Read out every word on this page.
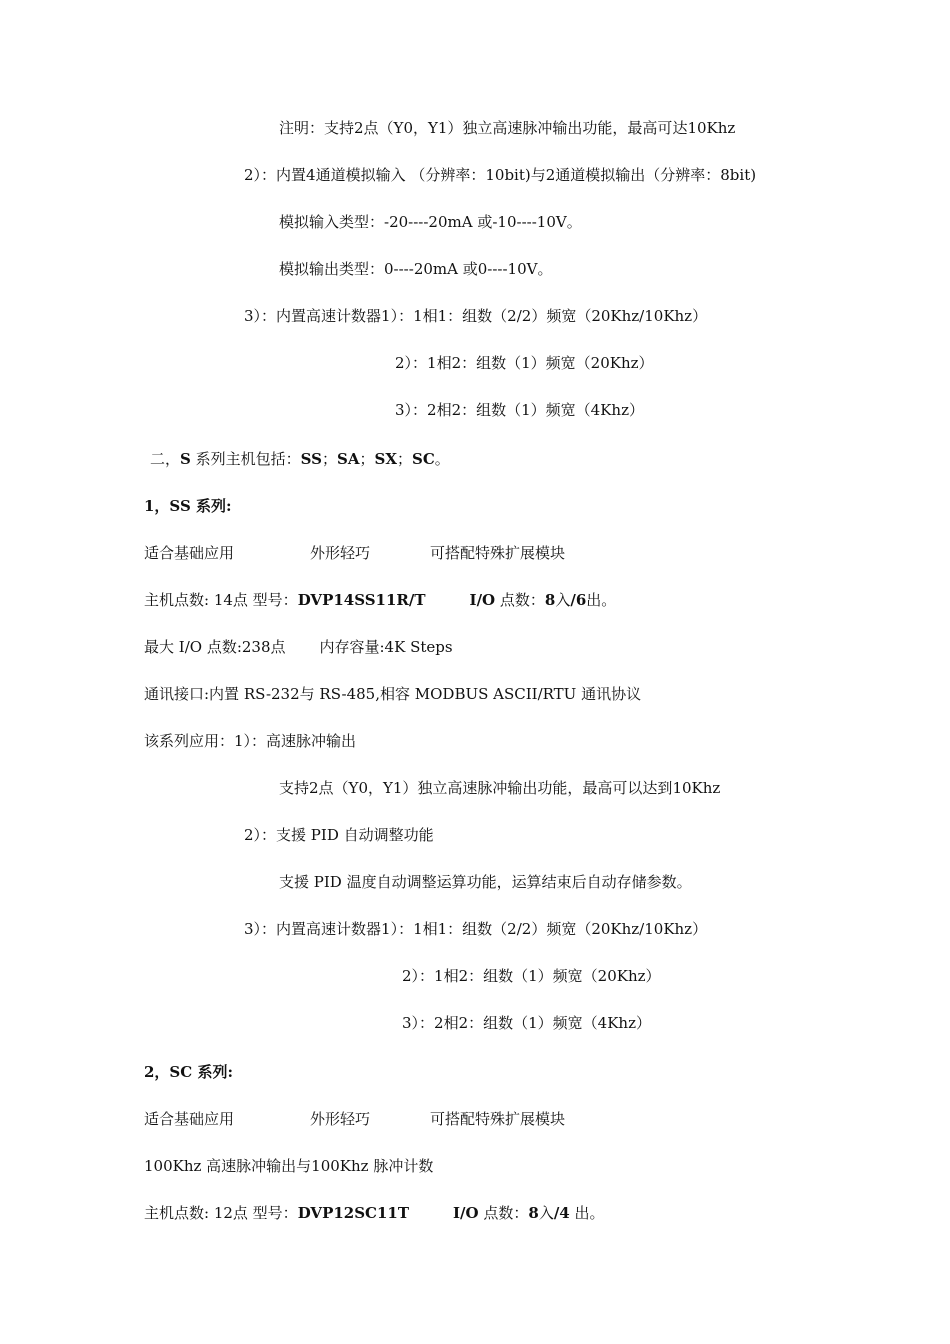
注明：支持2点（Y0，Y1）独立高速脉冲输出功能，最高可达10Khz
2）：内置4通道模拟输入 （分辨率：10bit)与2通道模拟输出（分辨率：8bit)
模拟输入类型：-20----20mA 或-10----10V。
模拟输出类型：0----20mA 或0----10V。
3）：内置高速计数器1）：1相1：组数（2/2）频宽（20Khz/10Khz）
2）：1相2：组数（1）频宽（20Khz）
3）：2相2：组数（1）频宽（4Khz）
二，S 系列主机包括：SS；SA；SX；SC。
1，SS 系列:
适合基础应用	外形轻巧	可搭配特殊扩展模块
主机点数: 14点 型号：DVP14SS11R/T	I/O 点数：8入/6出。
最大 I/O 点数:238点 内存容量:4K Steps
通讯接口:内置 RS-232与 RS-485,相容 MODBUS ASCII/RTU 通讯协议
该系列应用：1）：高速脉冲输出
支持2点（Y0，Y1）独立高速脉冲输出功能，最高可以达到10Khz
2）：支援 PID 自动调整功能
支援 PID 温度自动调整运算功能，运算结束后自动存储参数。
3）：内置高速计数器1）：1相1：组数（2/2）频宽（20Khz/10Khz）
2）：1相2：组数（1）频宽（20Khz）
3）：2相2：组数（1）频宽（4Khz）
2，SC 系列:
适合基础应用	外形轻巧	可搭配特殊扩展模块
100Khz 高速脉冲输出与100Khz 脉冲计数
主机点数: 12点 型号：DVP12SC11T	I/O 点数：8入/4 出。
